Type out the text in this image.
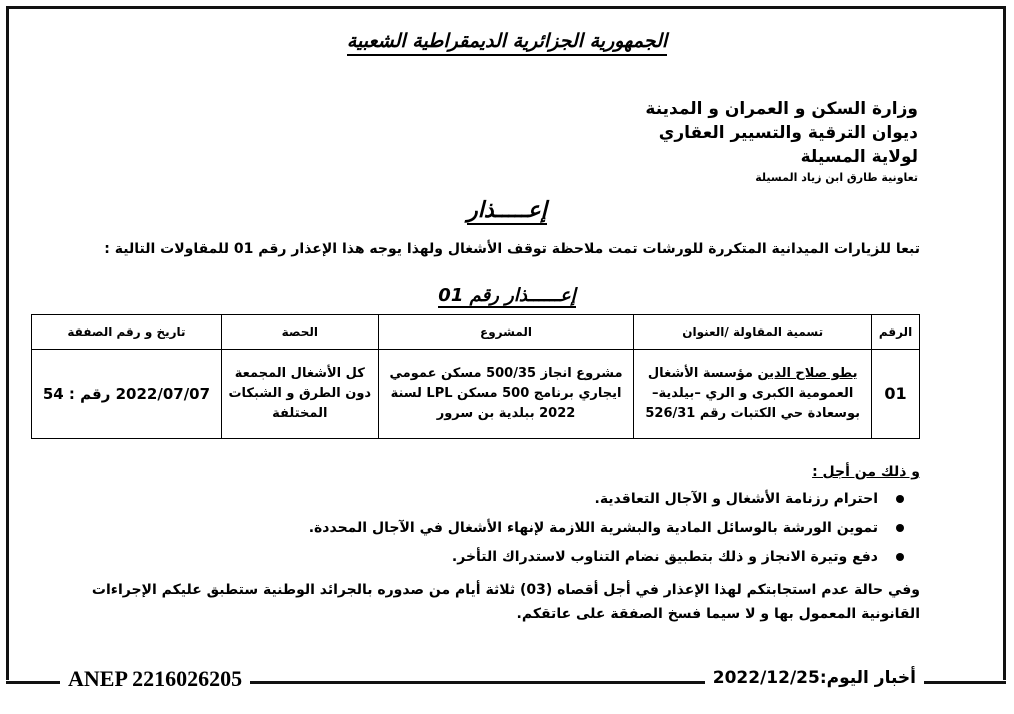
الجمهورية الجزائرية الديمقراطية الشعبية
وزارة السكن و العمران و المدينة
ديوان الترقية والتسيير العقاري
لولاية المسيلة
تعاونية طارق ابن زياد المسيلة
إعـــــذار
تبعا للزيارات الميدانية المتكررة للورشات تمت ملاحظة توقف الأشغال ولهذا يوجه هذا الإعذار رقم 01 للمقاولات التالية :
إعــــــذار رقم 01
الرقم	تسمية المقاولة /العنوان	المشروع	الحصة	تاريخ و رقم الصفقة
01	يطو صلاح الدين مؤسسة الأشغال العمومية الكبرى و الري –بيلدية– بوسعادة حي الكتبات رقم 526/31	مشروع انجاز 500/35 مسكن عمومي ايجاري برنامج 500 مسكن LPL لسنة 2022 ببلدية بن سرور	كل الأشغال المجمعة دون الطرق و الشبكات المختلفة	2022/07/07 رقم : 54
و ذلك من أجل :
احترام رزنامة الأشغال و الآجال التعاقدية.
تموين الورشة بالوسائل المادية والبشرية اللازمة لإنهاء الأشغال في الآجال المحددة.
دفع وتيرة الانجاز و ذلك بتطبيق نضام التناوب لاستدراك التأخر.
وفي حالة عدم استجابتكم لهذا الإعذار في أجل أقصاه (03) ثلاثة أيام من صدوره بالجرائد الوطنية ستطبق عليكم الإجراءات القانونية المعمول بها و لا سيما فسخ الصفقة على عاتقكم.
ANEP 2216026205	أخبار اليوم:2022/12/25
